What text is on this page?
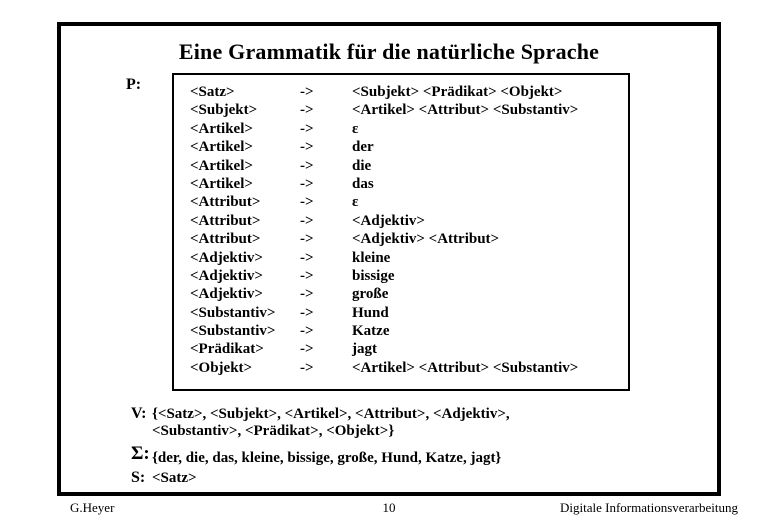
Eine Grammatik für die natürliche Sprache
P:	<Satz>	->	<Subjekt> <Prädikat> <Objekt>
<Subjekt>	->	<Artikel> <Attribut> <Substantiv>
<Artikel>	->	ε
<Artikel>	->	der
<Artikel>	->	die
<Artikel>	->	das
<Attribut>	->	ε
<Attribut>	->	<Adjektiv>
<Attribut>	->	<Adjektiv> <Attribut>
<Adjektiv>	->	kleine
<Adjektiv>	->	bissige
<Adjektiv>	->	große
<Substantiv>	->	Hund
<Substantiv>	->	Katze
<Prädikat>	->	jagt
<Objekt>	->	<Artikel> <Attribut> <Substantiv>
V: {<Satz>, <Subjekt>, <Artikel>, <Attribut>, <Adjektiv>,
<Substantiv>, <Prädikat>, <Objekt>}
Σ: {der, die, das, kleine, bissige, große, Hund, Katze, jagt}
S: <Satz>
G.Heyer	10	Digitale Informationsverarbeitung
